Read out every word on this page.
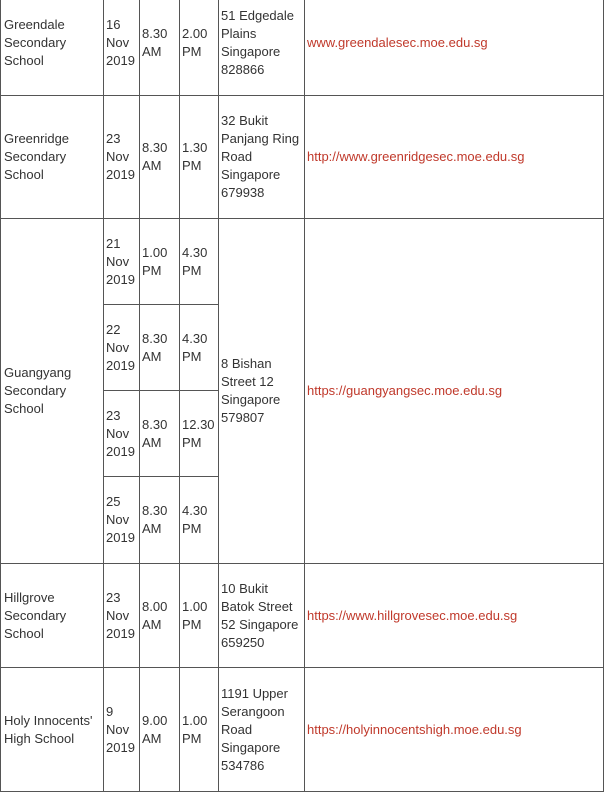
Greendale Secondary School	16 Nov 2019	8.30 AM	2.00 PM	51 Edgedale Plains Singapore 828866	www.greendalesec.moe.edu.sg
Greenridge Secondary School	23 Nov 2019	8.30 AM	1.30 PM	32 Bukit Panjang Ring Road Singapore 679938	http://www.greenridgesec.moe.edu.sg
Guangyang Secondary School	21 Nov 2019	1.00 PM	4.30 PM	8 Bishan Street 12 Singapore 579807	https://guangyangsec.moe.edu.sg
	22 Nov 2019	8.30 AM	4.30 PM		
	23 Nov 2019	8.30 AM	12.30 PM		
	25 Nov 2019	8.30 AM	4.30 PM		
Hillgrove Secondary School	23 Nov 2019	8.00 AM	1.00 PM	10 Bukit Batok Street 52 Singapore 659250	https://www.hillgrovesec.moe.edu.sg
Holy Innocents' High School	9 Nov 2019	9.00 AM	1.00 PM	1191 Upper Serangoon Road Singapore 534786	https://holyinnocentshigh.moe.edu.sg
